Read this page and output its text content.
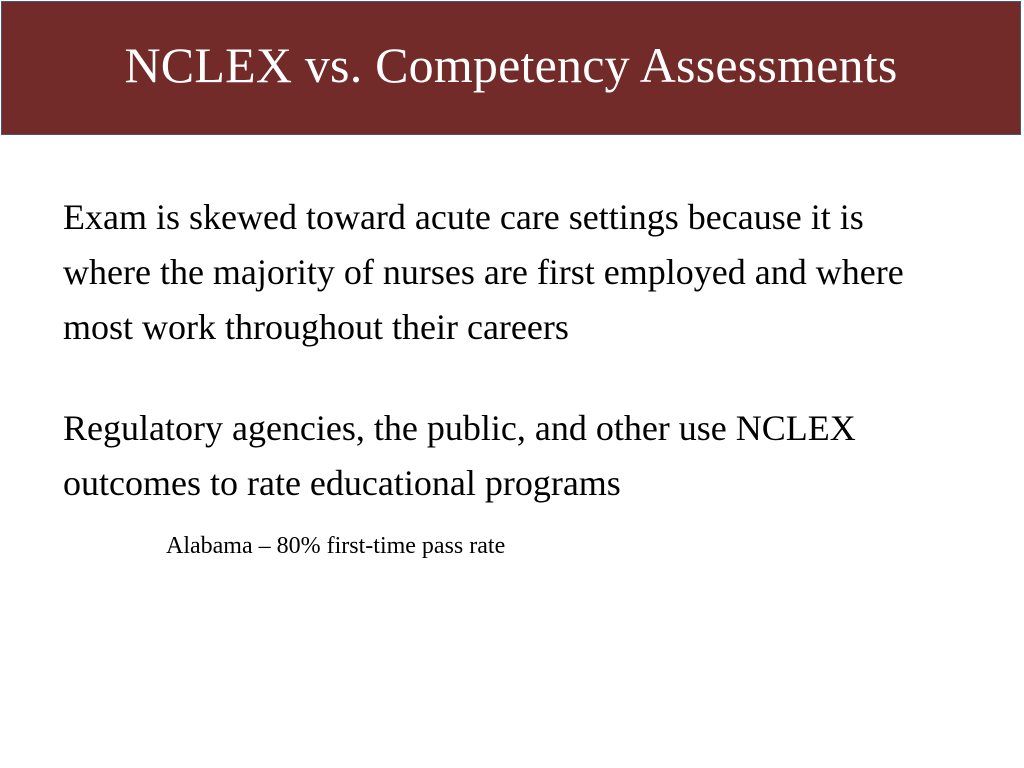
NCLEX vs. Competency Assessments

Exam is skewed toward acute care settings because it is where the majority of nurses are first employed and where most work throughout their careers

Regulatory agencies, the public, and other use NCLEX outcomes to rate educational programs

Alabama – 80% first-time pass rate
